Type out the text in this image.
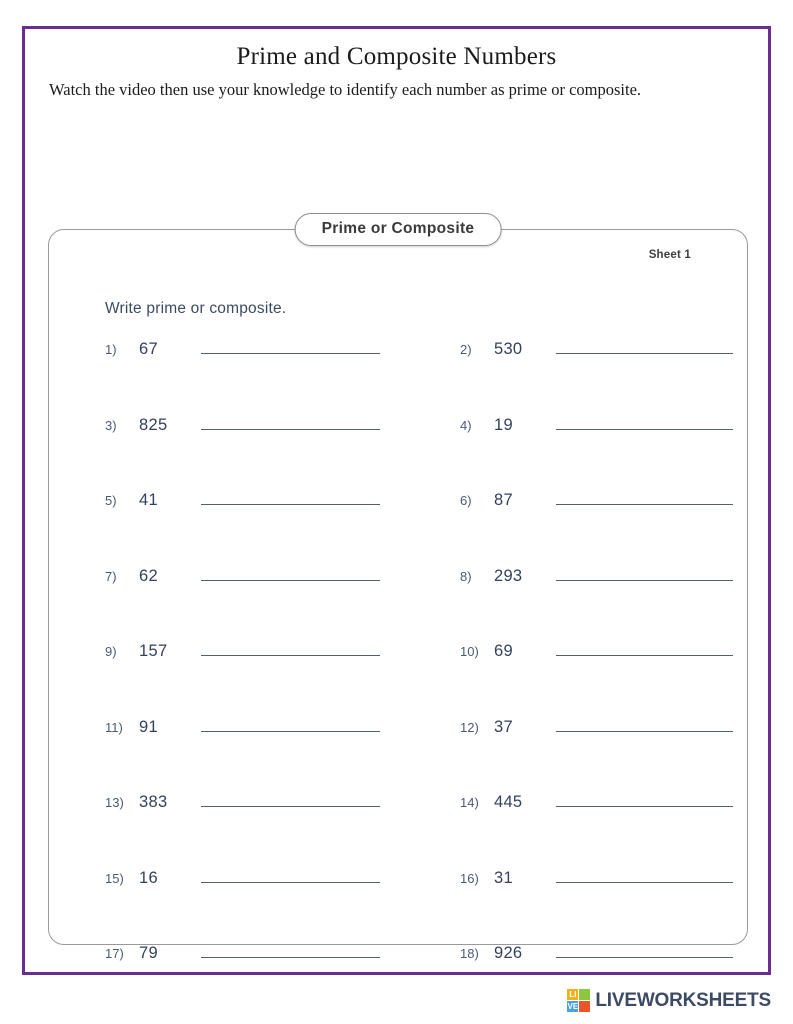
Prime and Composite Numbers

Watch the video then use your knowledge to identify each number as prime or composite.

Prime or Composite
Sheet 1
Write prime or composite.
1)	67	2)	530
3)	825	4)	19
5)	41	6)	87
7)	62	8)	293
9)	157	10) 69
11) 91	12) 37
13) 383	14) 445
15) 16	16) 31
17) 79	18) 926
LI
VE LIVEWORKSHEETS
